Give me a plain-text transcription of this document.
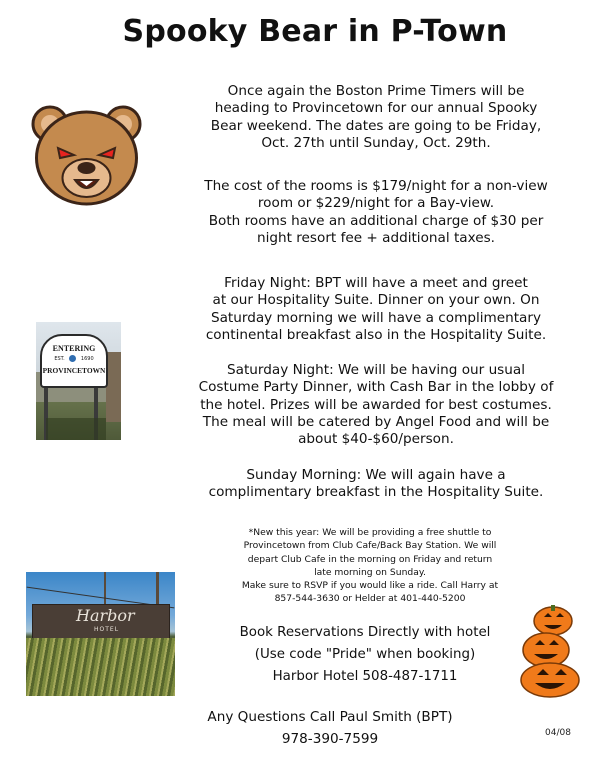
Spooky Bear in P-Town
ENTERING
EST.	1690
PROVINCETOWN
Harbor
HOTEL
Once again the Boston Prime Timers will be
heading to Provincetown for our annual Spooky
Bear weekend. The dates are going to be Friday,
Oct. 27th until Sunday, Oct. 29th.
The cost of the rooms is $179/night for a non-view
room or $229/night for a Bay-view.
Both rooms have an additional charge of $30 per
night resort fee + additional taxes.
Friday Night: BPT will have a meet and greet
at our Hospitality Suite. Dinner on your own. On
Saturday morning we will have a complimentary
continental breakfast also in the Hospitality Suite.
Saturday Night: We will be having our usual
Costume Party Dinner, with Cash Bar in the lobby of
the hotel. Prizes will be awarded for best costumes.
The meal will be catered by Angel Food and will be
about $40-$60/person.
Sunday Morning: We will again have a
complimentary breakfast in the Hospitality Suite.
*New this year: We will be providing a free shuttle to
Provincetown from Club Cafe/Back Bay Station. We will
depart Club Cafe in the morning on Friday and return
late morning on Sunday.
Make sure to RSVP if you would like a ride. Call Harry at
857-544-3630 or Helder at 401-440-5200
Book Reservations Directly with hotel
(Use code "Pride" when booking)
Harbor Hotel 508-487-1711
Any Questions Call Paul Smith (BPT)
978-390-7599	04/08
